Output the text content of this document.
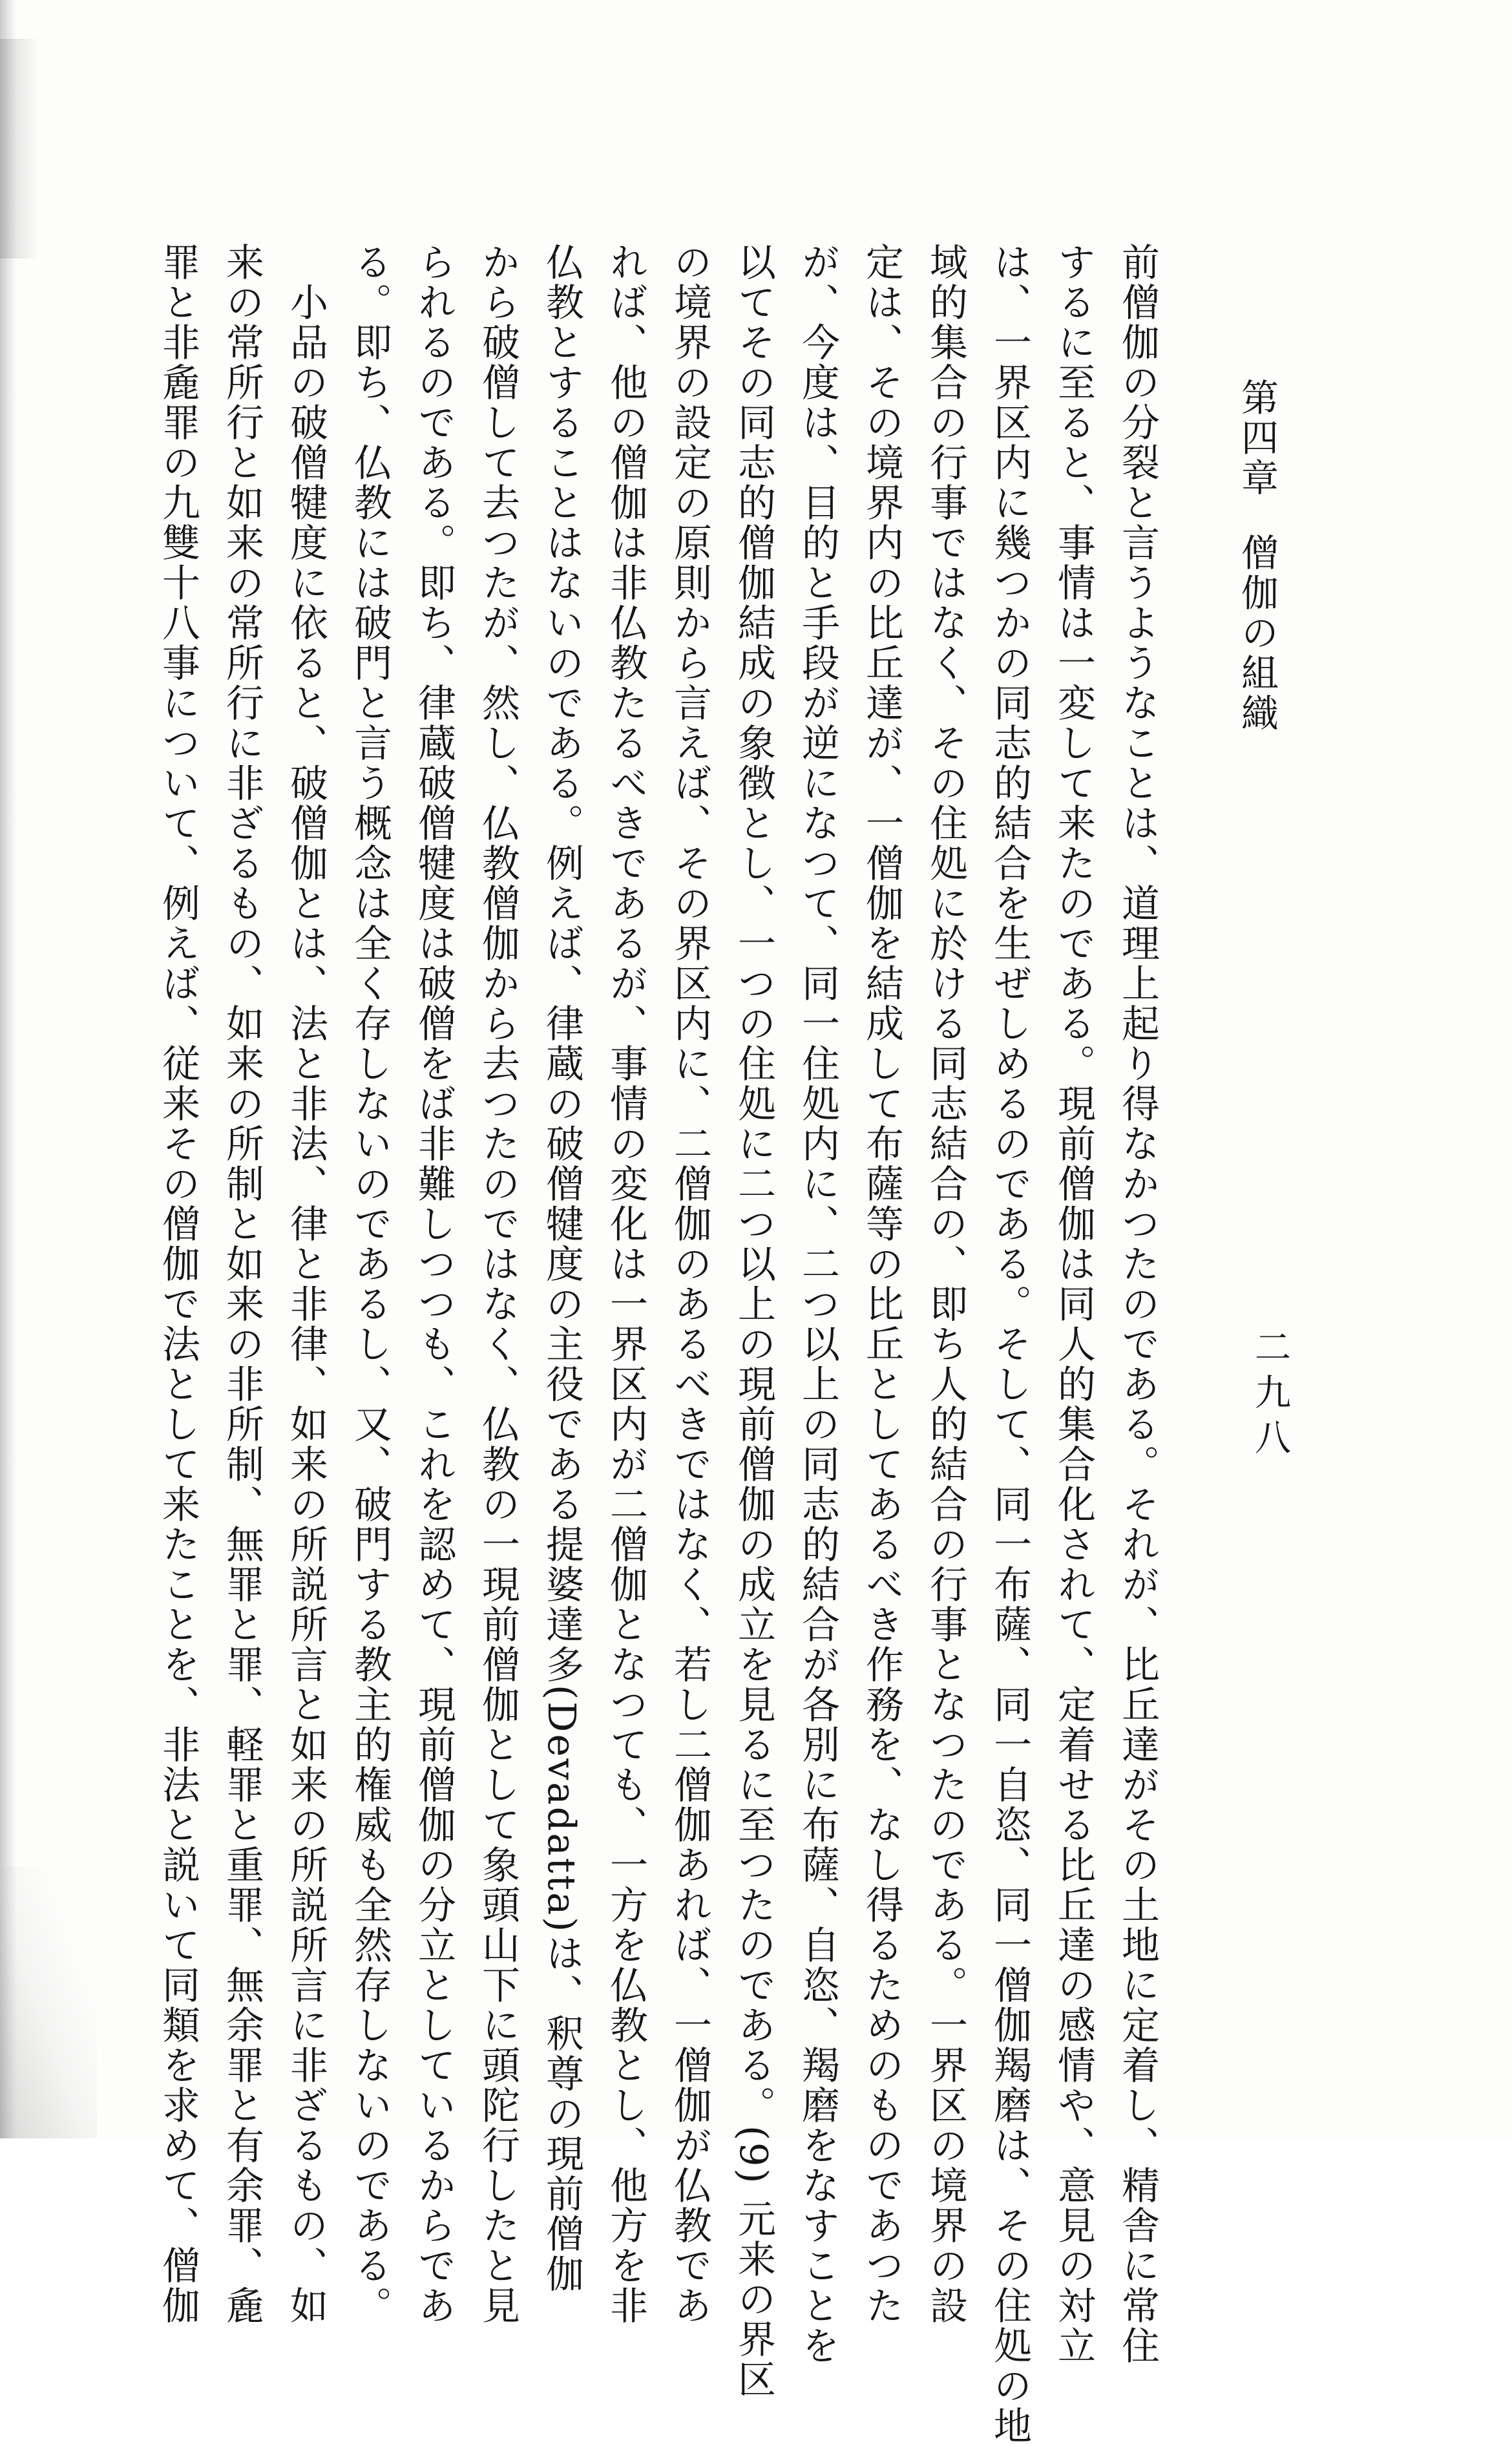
第四章僧伽の組織
二九八
前僧伽の分裂と言うようなことは、道理上起り得なかつたのである。それが、比丘達がその土地に定着し、精舎に常住
するに至ると、事情は一変して来たのである。現前僧伽は同人的集合化されて、定着せる比丘達の感情や、意見の対立
は、一界区内に幾つかの同志的結合を生ぜしめるのである。そして、同一布薩、同一自恣、同一僧伽羯磨は、その住処の地
域的集合の行事ではなく、その住処に於ける同志結合の、即ち人的結合の行事となつたのである。一界区の境界の設
定は、その境界内の比丘達が、一僧伽を結成して布薩等の比丘としてあるべき作務を、なし得るためのものであつた
が、今度は、目的と手段が逆になつて、同一住処内に、二つ以上の同志的結合が各別に布薩、自恣、羯磨をなすことを
以てその同志的僧伽結成の象徴とし、一つの住処に二つ以上の現前僧伽の成立を見るに至つたのである。(9) 元来の界区
の境界の設定の原則から言えば、その界区内に、二僧伽のあるべきではなく、若し二僧伽あれば、一僧伽が仏教であ
れば、他の僧伽は非仏教たるべきであるが、事情の変化は一界区内が二僧伽となつても、一方を仏教とし、他方を非
仏教とすることはないのである。例えば、律蔵の破僧犍度の主役である提婆達多(Devadatta)は、釈尊の現前僧伽
から破僧して去つたが、然し、仏教僧伽から去つたのではなく、仏教の一現前僧伽として象頭山下に頭陀行したと見
られるのである。即ち、律蔵破僧犍度は破僧をば非難しつつも、これを認めて、現前僧伽の分立としているからであ
る。即ち、仏教には破門と言う概念は全く存しないのであるし、又、破門する教主的権威も全然存しないのである。
小品の破僧犍度に依ると、破僧伽とは、法と非法、律と非律、如来の所説所言と如来の所説所言に非ざるもの、如
来の常所行と如来の常所行に非ざるもの、如来の所制と如来の非所制、無罪と罪、軽罪と重罪、無余罪と有余罪、麁
罪と非麁罪の九雙十八事について、例えば、従来その僧伽で法として来たことを、非法と説いて同類を求めて、僧伽
